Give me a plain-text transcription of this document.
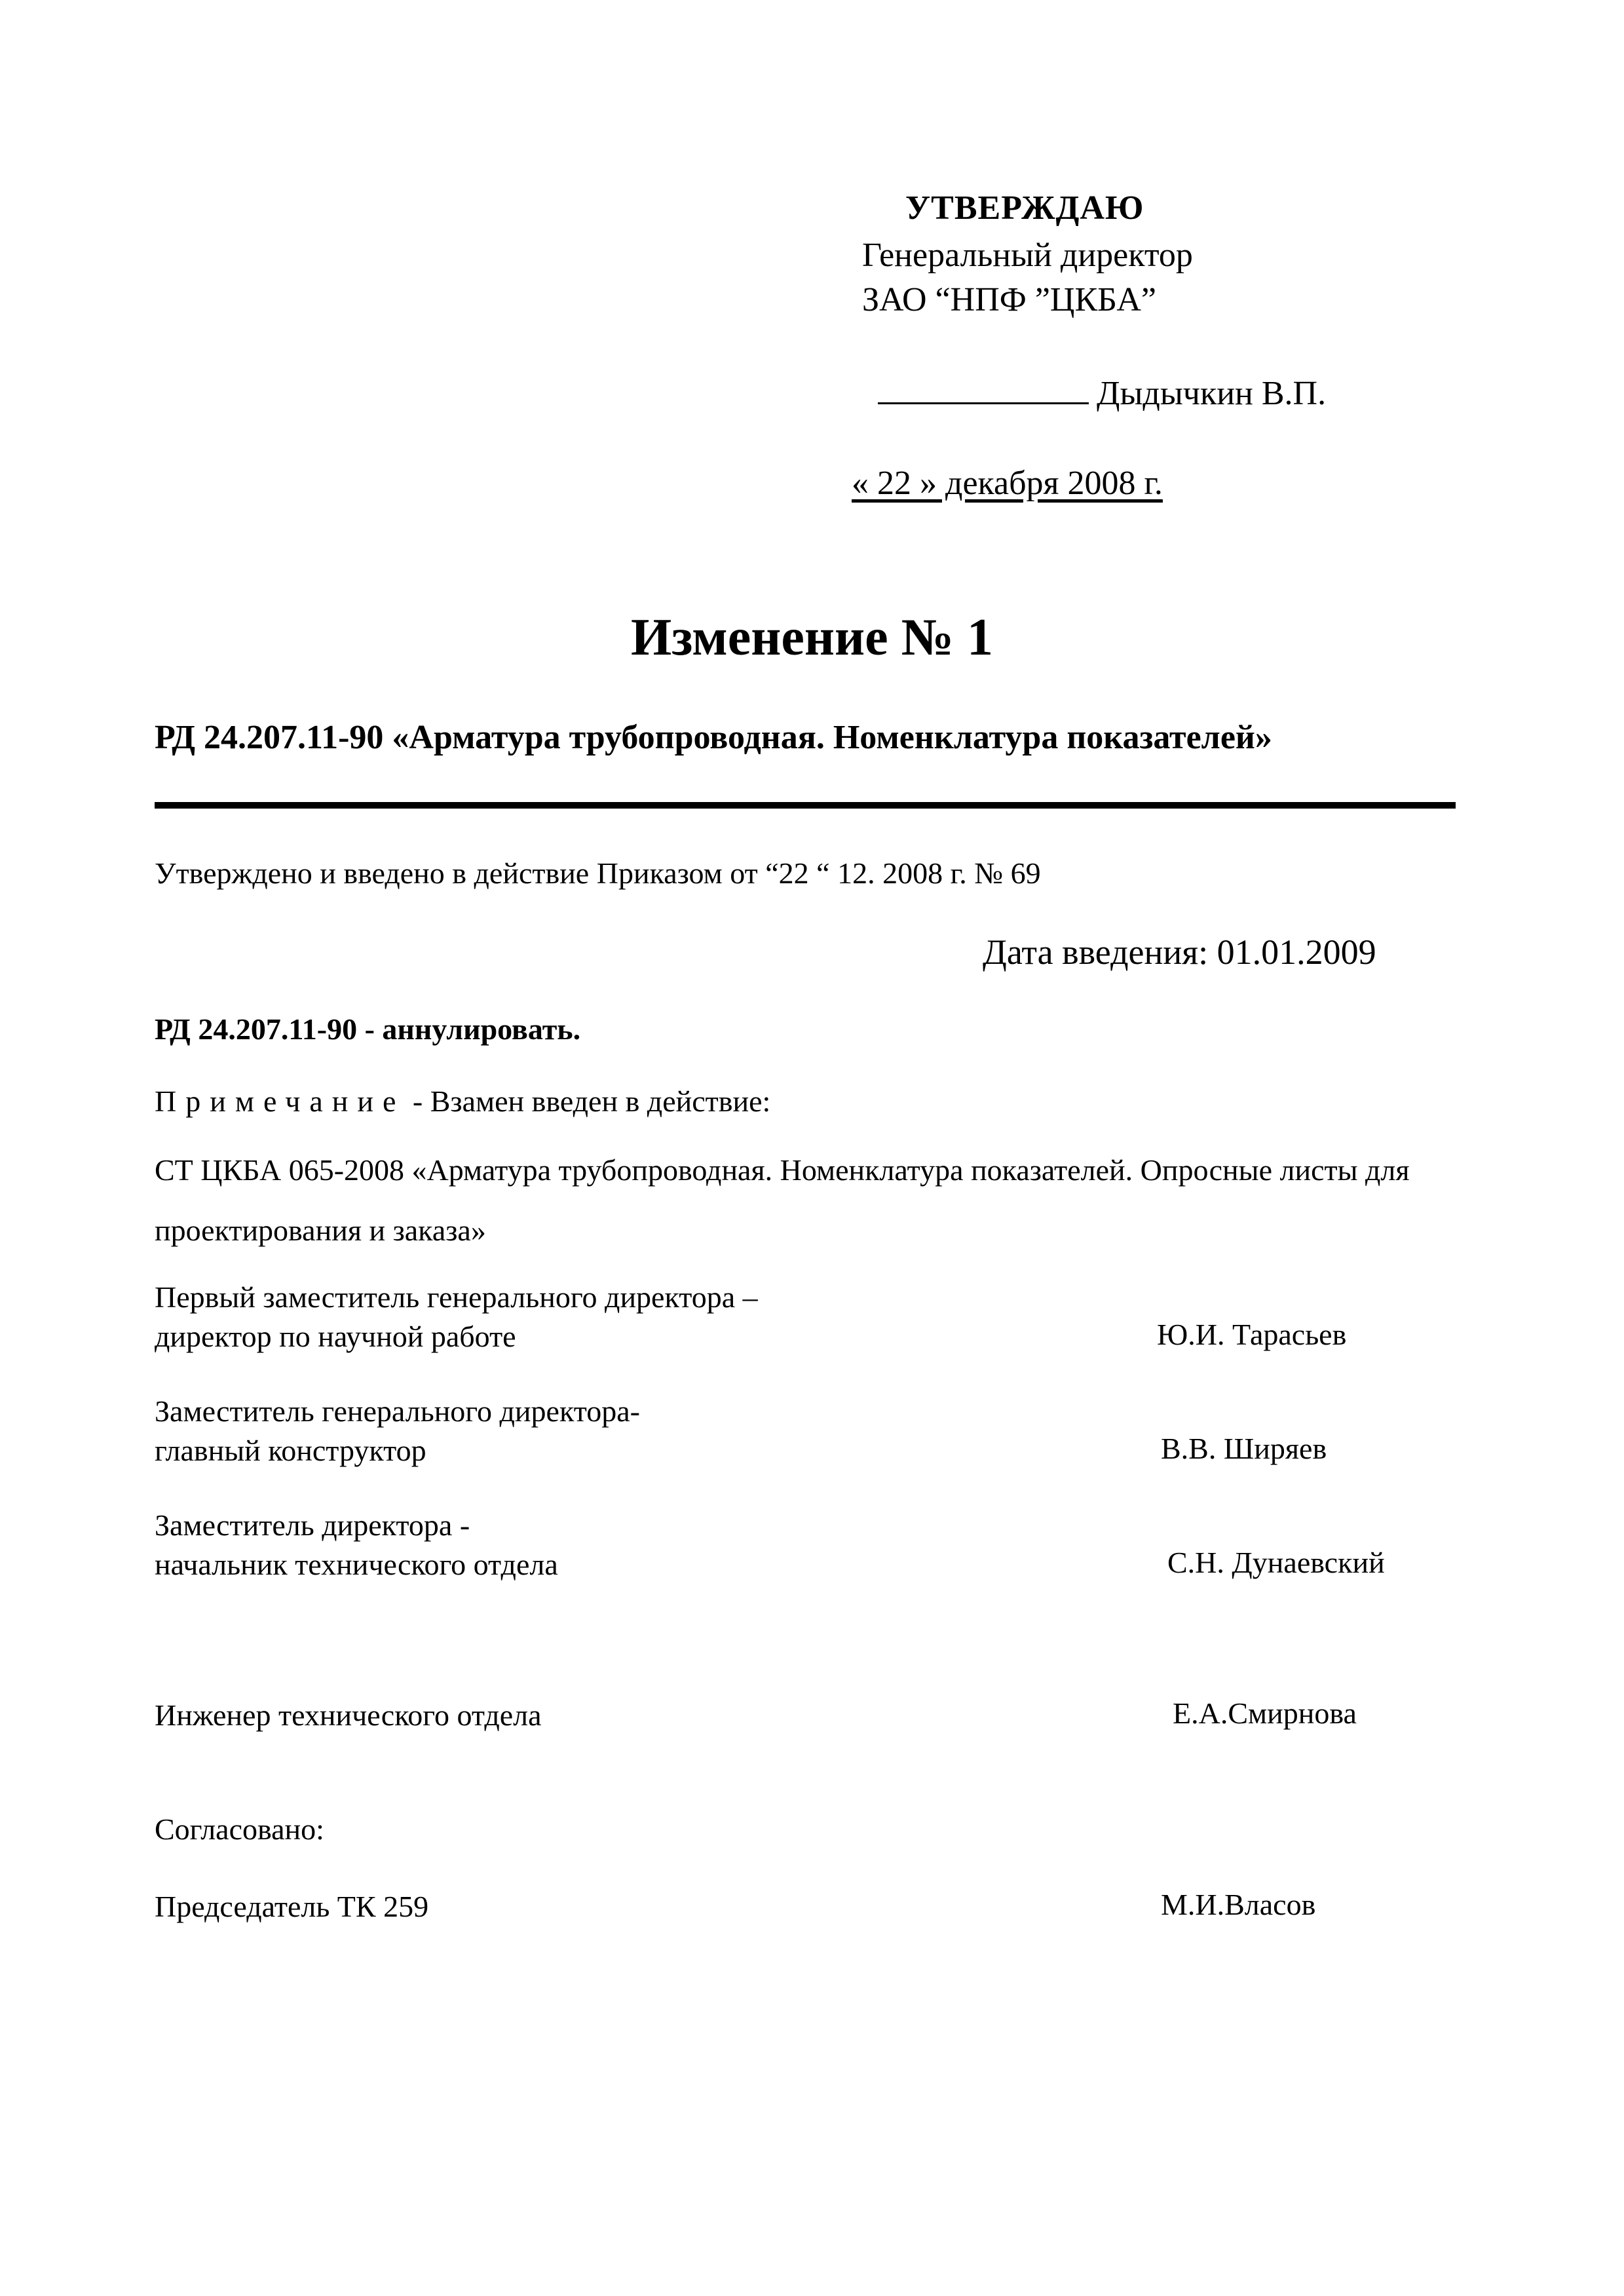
УТВЕРЖДАЮ
Генеральный директор
ЗАО “НПФ ”ЦКБА”
Дыдычкин В.П.
« 22 » декабря 2008 г.
Изменение № 1
РД 24.207.11-90 «Арматура трубопроводная. Номенклатура показателей»
Утверждено и введено в действие Приказом от “22 “ 12. 2008 г. № 69
Дата введения: 01.01.2009
РД 24.207.11-90 - аннулировать.
Примечание - Взамен введен в действие:
СТ ЦКБА 065-2008 «Арматура трубопроводная. Номенклатура показателей. Опросные листы для проектирования и заказа»
Первый заместитель генерального директора –
директор по научной работе	Ю.И. Тарасьев
Заместитель генерального директора-
главный конструктор	В.В. Ширяев
Заместитель директора -
начальник технического отдела	С.Н. Дунаевский
Инженер технического отдела	Е.А.Смирнова
Согласовано:
Председатель ТК 259	М.И.Власов
